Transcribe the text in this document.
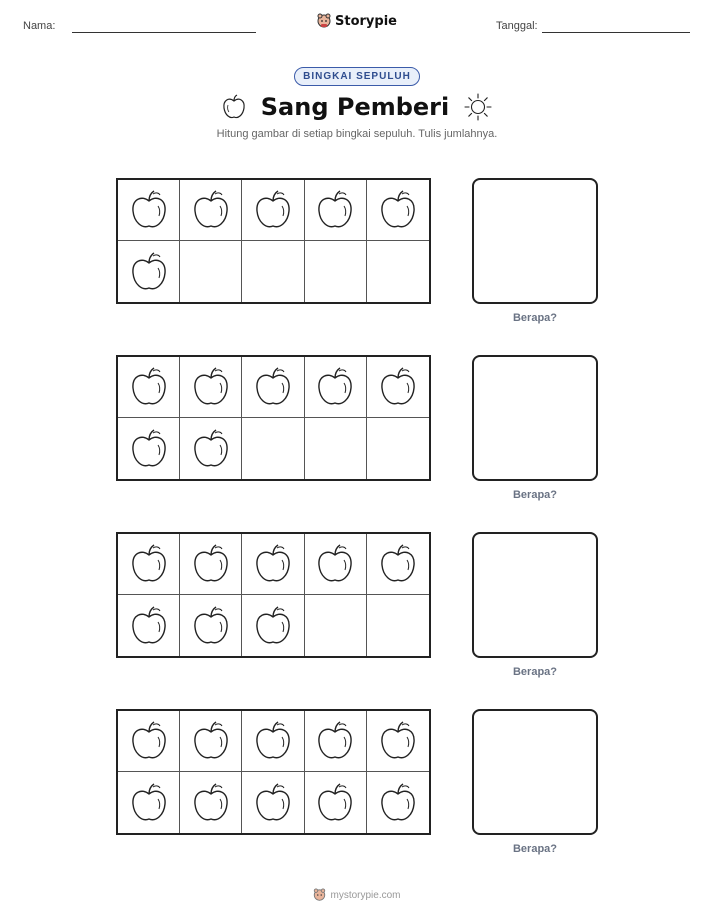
Nama:	Storypie	Tanggal:
BINGKAI SEPULUH
Sang Pemberi
Hitung gambar di setiap bingkai sepuluh. Tulis jumlahnya.
Berapa?
Berapa?
Berapa?
Berapa?
mystorypie.com
